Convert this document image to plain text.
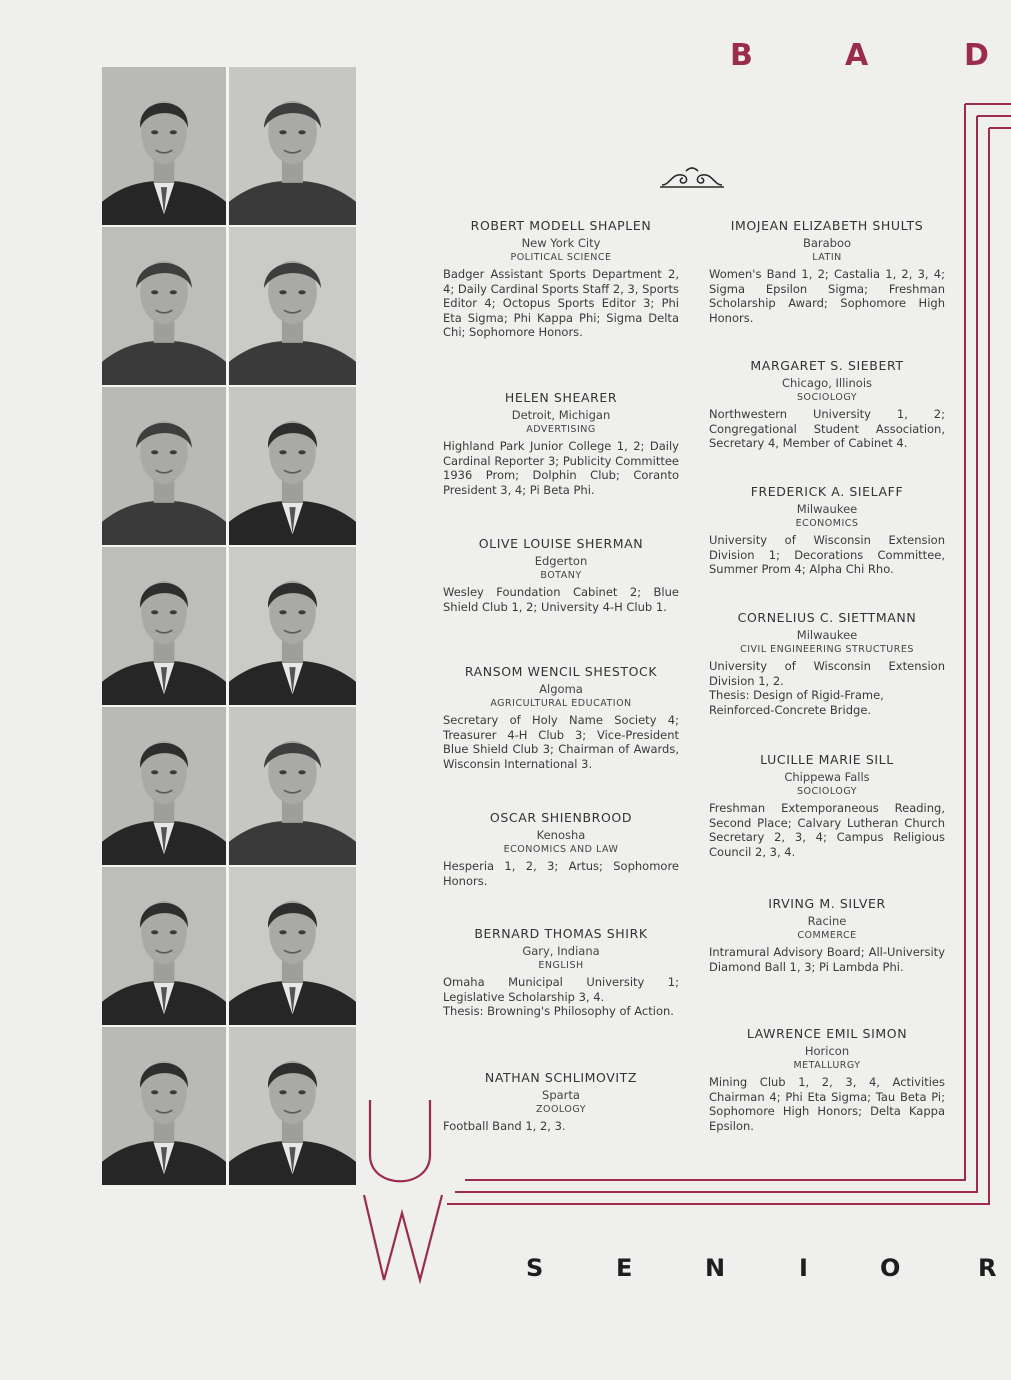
B	A	D
ROBERT MODELL SHAPLEN
New York City
POLITICAL SCIENCE
Badger Assistant Sports Department 2, 4; Daily Cardinal Sports Staff 2, 3, Sports Editor 4; Octopus Sports Editor 3; Phi Eta Sigma; Phi Kappa Phi; Sigma Delta Chi; Sophomore Honors.
HELEN SHEARER
Detroit, Michigan
ADVERTISING
Highland Park Junior College 1, 2; Daily Cardinal Reporter 3; Publicity Committee 1936 Prom; Dolphin Club; Coranto President 3, 4; Pi Beta Phi.
OLIVE LOUISE SHERMAN
Edgerton
BOTANY
Wesley Foundation Cabinet 2; Blue Shield Club 1, 2; University 4-H Club 1.
RANSOM WENCIL SHESTOCK
Algoma
AGRICULTURAL EDUCATION
Secretary of Holy Name Society 4; Treasurer 4-H Club 3; Vice-President Blue Shield Club 3; Chairman of Awards, Wisconsin International 3.
OSCAR SHIENBROOD
Kenosha
ECONOMICS AND LAW
Hesperia 1, 2, 3; Artus; Sophomore Honors.
BERNARD THOMAS SHIRK
Gary, Indiana
ENGLISH
Omaha Municipal University 1; Legislative Scholarship 3, 4.
Thesis: Browning's Philosophy of Action.
NATHAN SCHLIMOVITZ
Sparta
ZOOLOGY
Football Band 1, 2, 3.
IMOJEAN ELIZABETH SHULTS
Baraboo
LATIN
Women's Band 1, 2; Castalia 1, 2, 3, 4; Sigma Epsilon Sigma; Freshman Scholarship Award; Sophomore High Honors.
MARGARET S. SIEBERT
Chicago, Illinois
SOCIOLOGY
Northwestern University 1, 2; Congregational Student Association, Secretary 4, Member of Cabinet 4.
FREDERICK A. SIELAFF
Milwaukee
ECONOMICS
University of Wisconsin Extension Division 1; Decorations Committee, Summer Prom 4; Alpha Chi Rho.
CORNELIUS C. SIETTMANN
Milwaukee
CIVIL ENGINEERING STRUCTURES
University of Wisconsin Extension Division 1, 2.
Thesis: Design of Rigid-Frame, Reinforced-Concrete Bridge.
LUCILLE MARIE SILL
Chippewa Falls
SOCIOLOGY
Freshman Extemporaneous Reading, Second Place; Calvary Lutheran Church Secretary 2, 3, 4; Campus Religious Council 2, 3, 4.
IRVING M. SILVER
Racine
COMMERCE
Intramural Advisory Board; All-University Diamond Ball 1, 3; Pi Lambda Phi.
LAWRENCE EMIL SIMON
Horicon
METALLURGY
Mining Club 1, 2, 3, 4, Activities Chairman 4; Phi Eta Sigma; Tau Beta Pi; Sophomore High Honors; Delta Kappa Epsilon.
S	E	N	I	O	R
